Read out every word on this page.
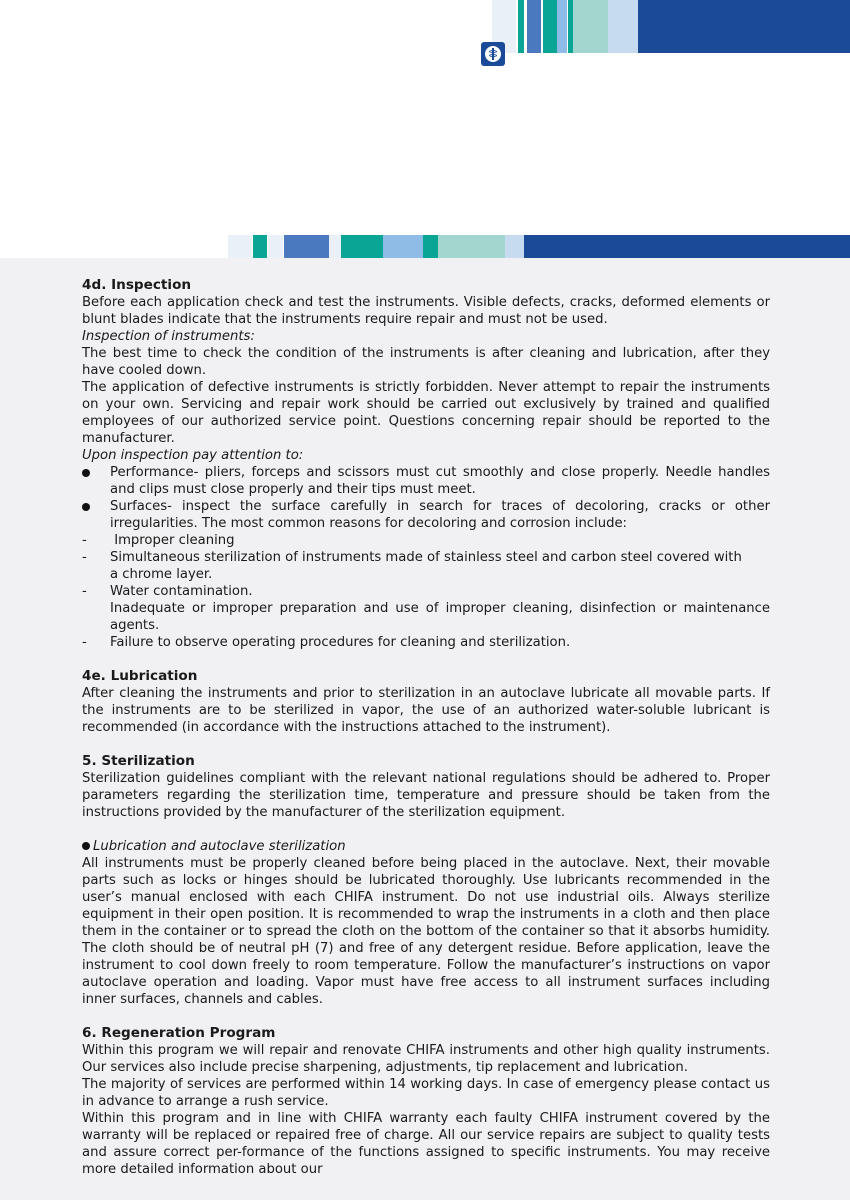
4d. Inspection

Before each application check and test the instruments. Visible defects, cracks, deformed elements or blunt blades indicate that the instruments require repair and must not be used.

Inspection of instruments:

The best time to check the condition of the instruments is after cleaning and lubrication, after they have cooled down.

The application of defective instruments is strictly forbidden. Never attempt to repair the instruments on your own. Servicing and repair work should be carried out exclusively by trained and qualified employees of our authorized service point. Questions concerning repair should be reported to the manufacturer.

Upon inspection pay attention to:

Performance- pliers, forceps and scissors must cut smoothly and close properly. Needle handles and clips must close properly and their tips must meet.
Surfaces- inspect the surface carefully in search for traces of decoloring, cracks or other irregularities. The most common reasons for decoloring and corrosion include:
- Improper cleaning
- Simultaneous sterilization of instruments made of stainless steel and carbon steel covered with a chrome layer.
- Water contamination.
Inadequate or improper preparation and use of improper cleaning, disinfection or maintenance agents.
- Failure to observe operating procedures for cleaning and sterilization.
4e. Lubrication

After cleaning the instruments and prior to sterilization in an autoclave lubricate all movable parts. If the instruments are to be sterilized in vapor, the use of an authorized water-soluble lubricant is recommended (in accordance with the instructions attached to the instrument).

5. Sterilization

Sterilization guidelines compliant with the relevant national regulations should be adhered to. Proper parameters regarding the sterilization time, temperature and pressure should be taken from the instructions provided by the manufacturer of the sterilization equipment.

Lubrication and autoclave sterilization

All instruments must be properly cleaned before being placed in the autoclave. Next, their movable parts such as locks or hinges should be lubricated thoroughly. Use lubricants recommended in the user’s manual enclosed with each CHIFA instrument. Do not use industrial oils. Always sterilize equipment in their open position. It is recommended to wrap the instruments in a cloth and then place them in the container or to spread the cloth on the bottom of the container so that it absorbs humidity. The cloth should be of neutral pH (7) and free of any detergent residue. Before application, leave the instrument to cool down freely to room temperature. Follow the manufacturer’s instructions on vapor autoclave operation and loading. Vapor must have free access to all instrument surfaces including inner surfaces, channels and cables.

6. Regeneration Program

Within this program we will repair and renovate CHIFA instruments and other high quality instruments. Our services also include precise sharpening, adjustments, tip replacement and lubrication.

The majority of services are performed within 14 working days. In case of emergency please contact us in advance to arrange a rush service.

Within this program and in line with CHIFA warranty each faulty CHIFA instrument covered by the warranty will be replaced or repaired free of charge. All our service repairs are subject to quality tests and assure correct per-formance of the functions assigned to specific instruments. You may receive more detailed information about our
